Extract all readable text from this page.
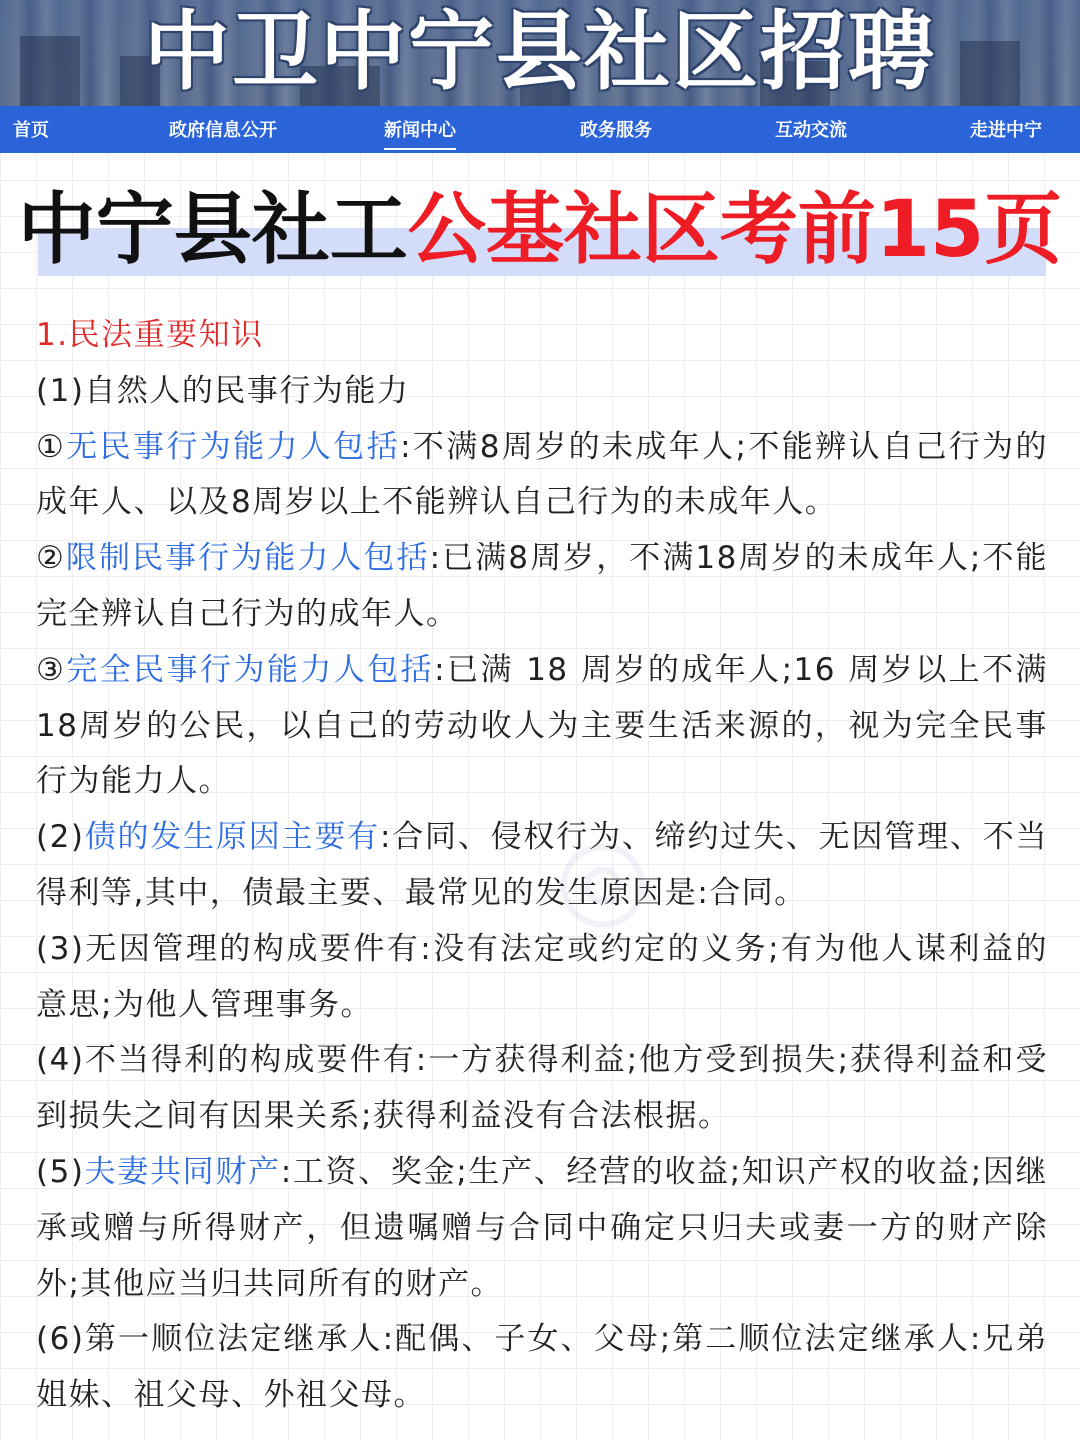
中卫中宁县社区招聘
首页	政府信息公开	新闻中心	政务服务	互动交流	走进中宁
中宁县社工公基社区考前15页
◎

1.民法重要知识

(1)自然人的民事行为能力

①无民事行为能力人包括:不满8周岁的未成年人;不能辨认自己行为的成年人、以及8周岁以上不能辨认自己行为的未成年人。

②限制民事行为能力人包括:已满8周岁，不满18周岁的未成年人;不能完全辨认自己行为的成年人。

③完全民事行为能力人包括:已满 18 周岁的成年人;16 周岁以上不满18周岁的公民，以自己的劳动收人为主要生活来源的，视为完全民事行为能力人。

(2)债的发生原因主要有:合同、侵权行为、缔约过失、无因管理、不当得利等,其中，债最主要、最常见的发生原因是:合同。

(3)无因管理的构成要件有:没有法定或约定的义务;有为他人谋利益的意思;为他人管理事务。

(4)不当得利的构成要件有:一方获得利益;他方受到损失;获得利益和受到损失之间有因果关系;获得利益没有合法根据。

(5)夫妻共同财产:工资、奖金;生产、经营的收益;知识产权的收益;因继承或赠与所得财产，但遗嘱赠与合同中确定只归夫或妻一方的财产除外;其他应当归共同所有的财产。

(6)第一顺位法定继承人:配偶、子女、父母;第二顺位法定继承人:兄弟姐妹、祖父母、外祖父母。
